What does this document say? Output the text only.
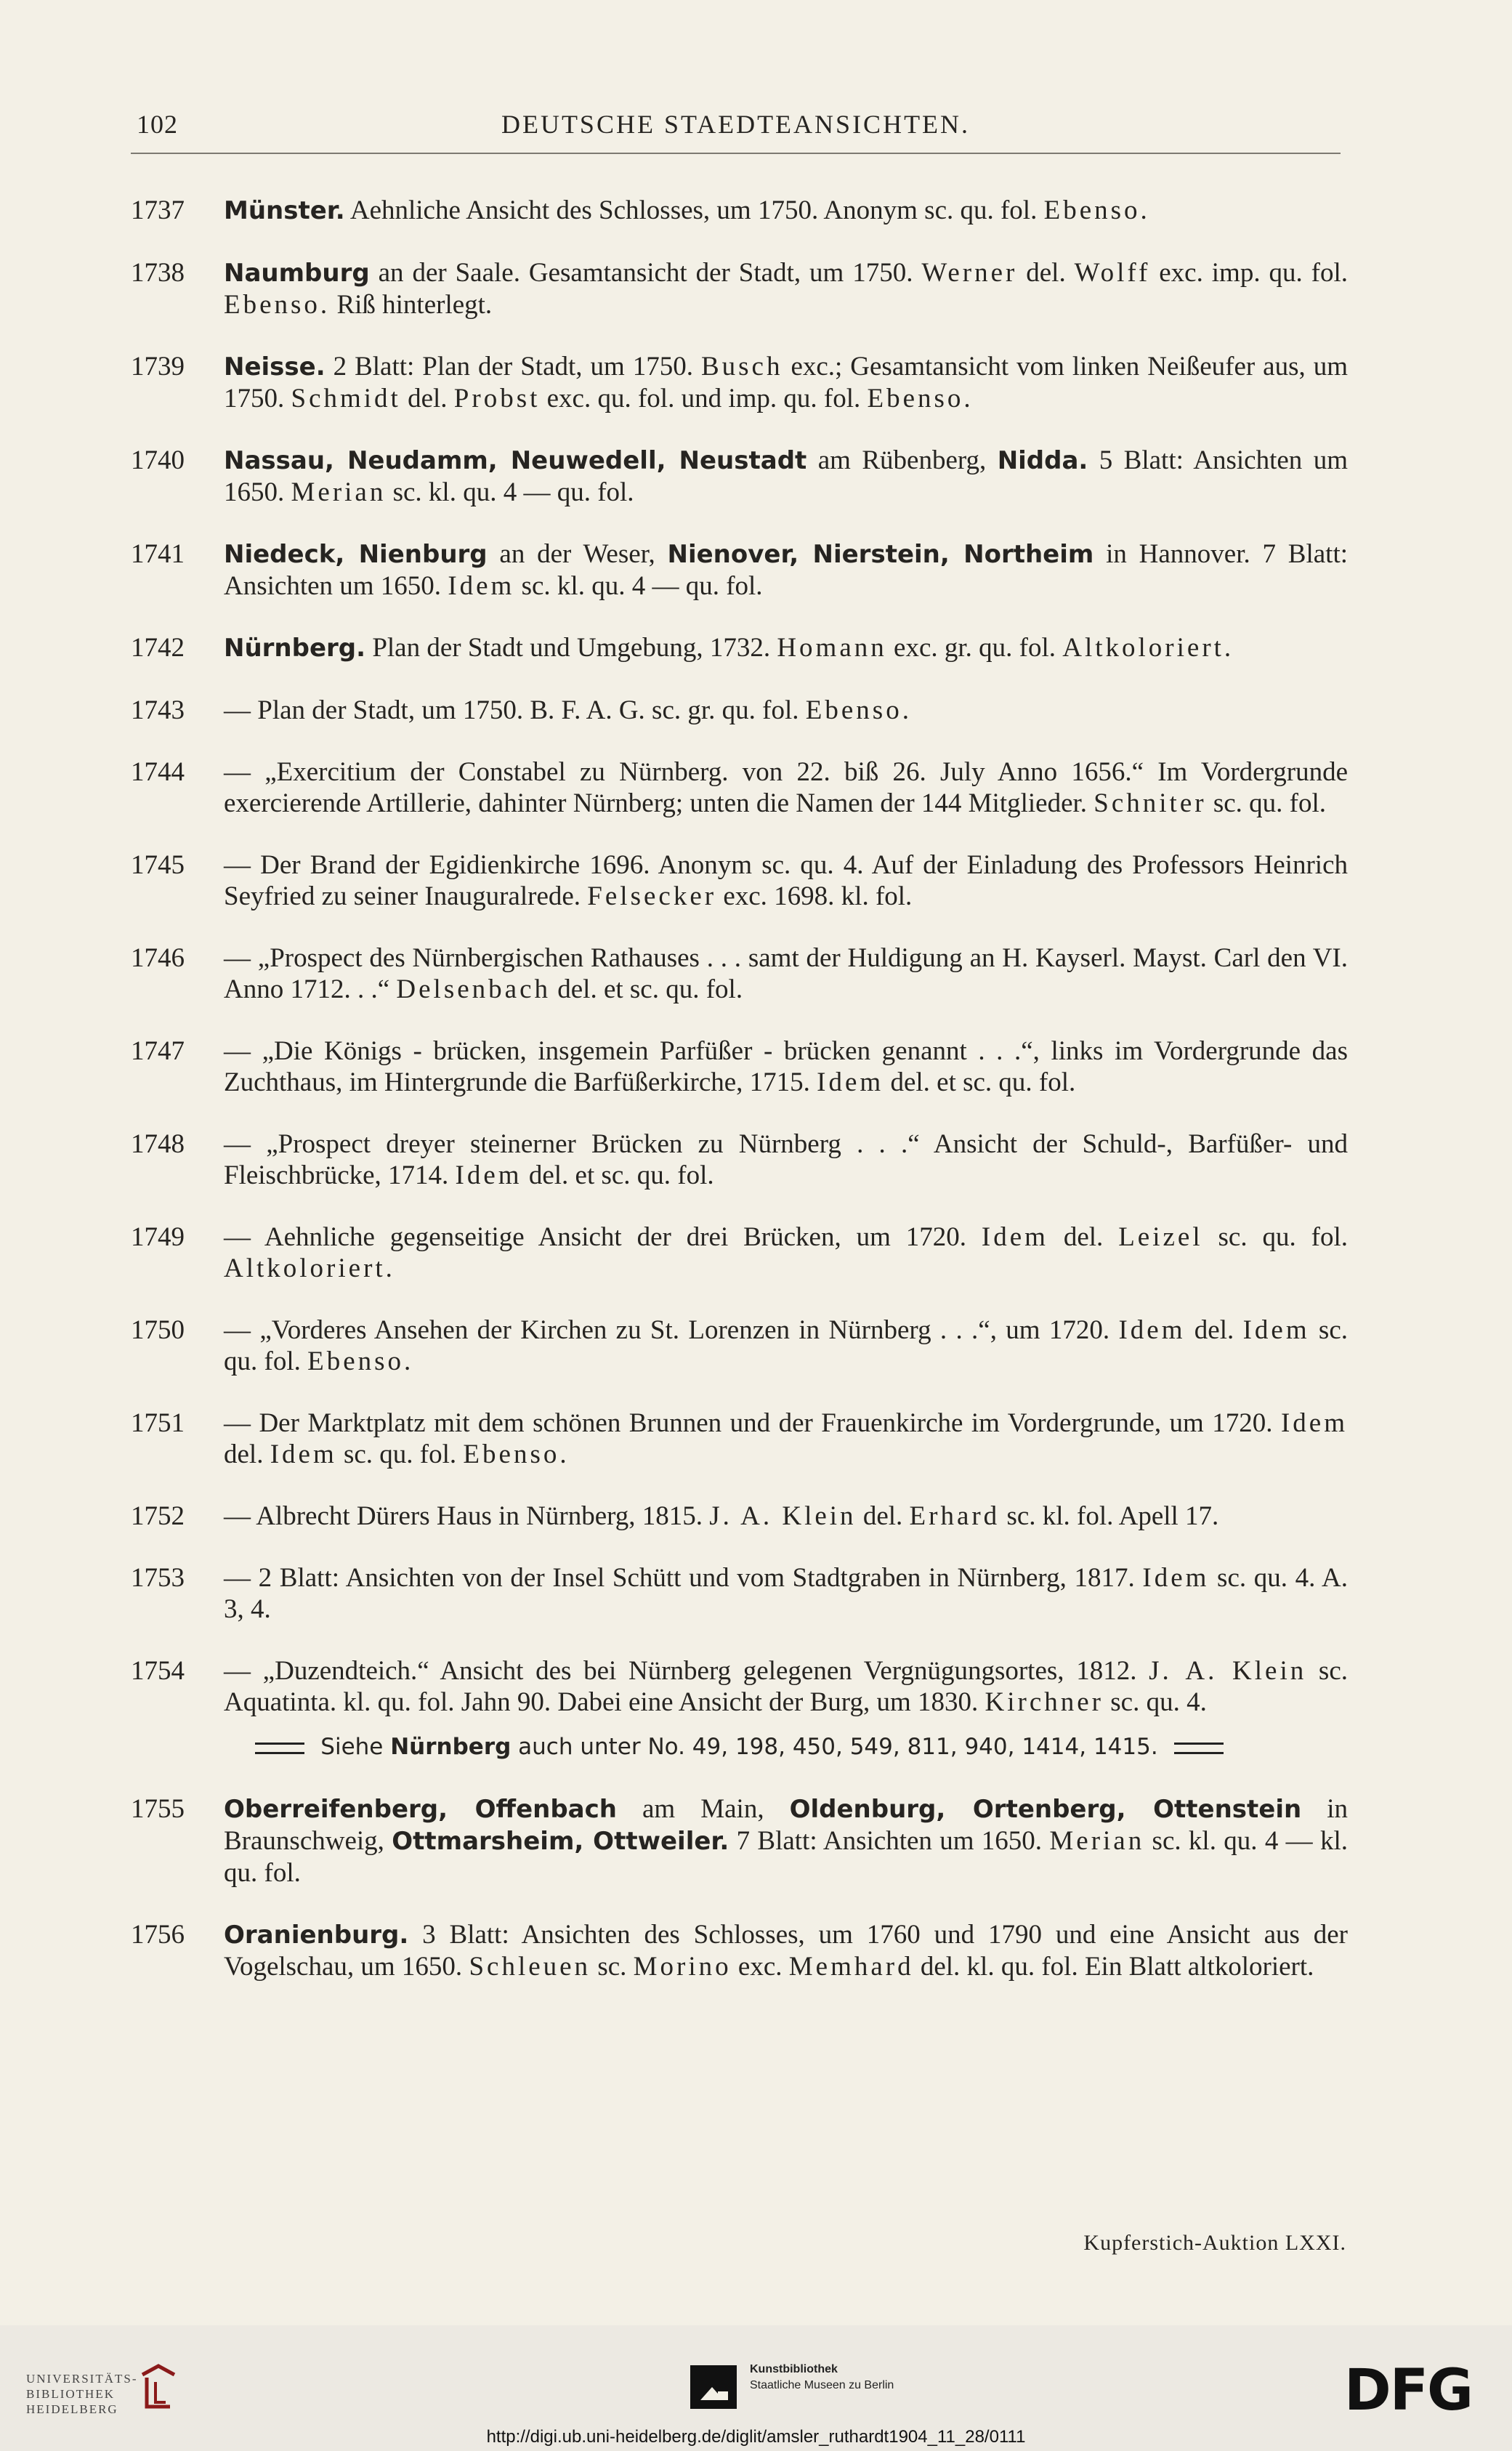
102	DEUTSCHE STAEDTEANSICHTEN.
1737	Münster. Aehnliche Ansicht des Schlosses, um 1750. Anonym sc. qu. fol. Ebenso.
1738	Naumburg an der Saale. Gesamtansicht der Stadt, um 1750. Werner del. Wolff exc. imp. qu. fol. Ebenso. Riß hinterlegt.
1739	Neisse. 2 Blatt: Plan der Stadt, um 1750. Busch exc.; Gesamtansicht vom linken Neißeufer aus, um 1750. Schmidt del. Probst exc. qu. fol. und imp. qu. fol. Ebenso.
1740	Nassau, Neudamm, Neuwedell, Neustadt am Rübenberg, Nidda. 5 Blatt: Ansichten um 1650. Merian sc. kl. qu. 4 — qu. fol.
1741	Niedeck, Nienburg an der Weser, Nienover, Nierstein, Northeim in Hannover. 7 Blatt: Ansichten um 1650. Idem sc. kl. qu. 4 — qu. fol.
1742	Nürnberg. Plan der Stadt und Umgebung, 1732. Homann exc. gr. qu. fol. Altkoloriert.
1743	— Plan der Stadt, um 1750. B. F. A. G. sc. gr. qu. fol. Ebenso.
1744	— „Exercitium der Constabel zu Nürnberg. von 22. biß 26. July Anno 1656.“ Im Vordergrunde exercierende Artillerie, dahinter Nürnberg; unten die Namen der 144 Mitglieder. Schniter sc. qu. fol.
1745	— Der Brand der Egidienkirche 1696. Anonym sc. qu. 4. Auf der Einladung des Professors Heinrich Seyfried zu seiner Inauguralrede. Felsecker exc. 1698. kl. fol.
1746	— „Prospect des Nürnbergischen Rathauses . . . samt der Huldigung an H. Kayserl. Mayst. Carl den VI. Anno 1712. . .“ Delsenbach del. et sc. qu. fol.
1747	— „Die Königs - brücken, insgemein Parfüßer - brücken genannt . . .“, links im Vordergrunde das Zuchthaus, im Hintergrunde die Barfüßerkirche, 1715. Idem del. et sc. qu. fol.
1748	— „Prospect dreyer steinerner Brücken zu Nürnberg . . .“ Ansicht der Schuld-, Barfüßer- und Fleischbrücke, 1714. Idem del. et sc. qu. fol.
1749	— Aehnliche gegenseitige Ansicht der drei Brücken, um 1720. Idem del. Leizel sc. qu. fol. Altkoloriert.
1750	— „Vorderes Ansehen der Kirchen zu St. Lorenzen in Nürnberg . . .“, um 1720. Idem del. Idem sc. qu. fol. Ebenso.
1751	— Der Marktplatz mit dem schönen Brunnen und der Frauenkirche im Vordergrunde, um 1720. Idem del. Idem sc. qu. fol. Ebenso.
1752	— Albrecht Dürers Haus in Nürnberg, 1815. J. A. Klein del. Erhard sc. kl. fol. Apell 17.
1753	— 2 Blatt: Ansichten von der Insel Schütt und vom Stadtgraben in Nürnberg, 1817. Idem sc. qu. 4. A. 3, 4.
1754	— „Duzendteich.“ Ansicht des bei Nürnberg gelegenen Vergnügungsortes, 1812. J. A. Klein sc. Aquatinta. kl. qu. fol. Jahn 90. Dabei eine Ansicht der Burg, um 1830. Kirchner sc. qu. 4.
Siehe Nürnberg auch unter No. 49, 198, 450, 549, 811, 940, 1414, 1415.
1755	Oberreifenberg, Offenbach am Main, Oldenburg, Ortenberg, Ottenstein in Braunschweig, Ottmarsheim, Ottweiler. 7 Blatt: Ansichten um 1650. Merian sc. kl. qu. 4 — kl. qu. fol.
1756	Oranienburg. 3 Blatt: Ansichten des Schlosses, um 1760 und 1790 und eine Ansicht aus der Vogelschau, um 1650. Schleuen sc. Morino exc. Memhard del. kl. qu. fol. Ein Blatt altkoloriert.
Kupferstich-Auktion LXXI.
UNIVERSITÄTS-
BIBLIOTHEK
HEIDELBERG
Kunstbibliothek
Staatliche Museen zu Berlin	DFG
http://digi.ub.uni-heidelberg.de/diglit/amsler_ruthardt1904_11_28/0111
